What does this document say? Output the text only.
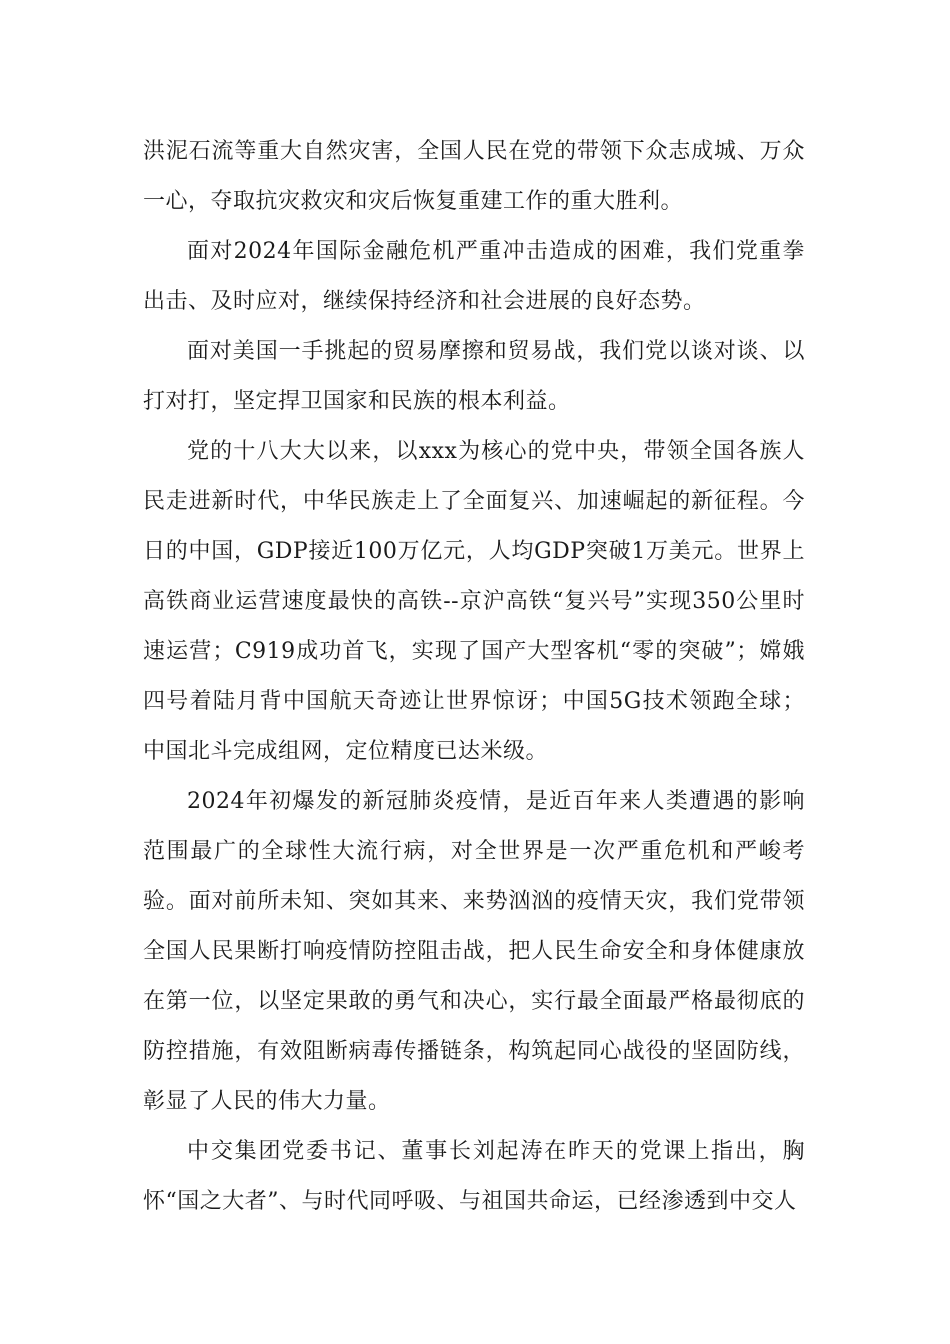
洪泥石流等重大自然灾害，全国人民在党的带领下众志成城、万众一心，夺取抗灾救灾和灾后恢复重建工作的重大胜利。

面对2024年国际金融危机严重冲击造成的困难，我们党重拳出击、及时应对，继续保持经济和社会进展的良好态势。

面对美国一手挑起的贸易摩擦和贸易战，我们党以谈对谈、以打对打，坚定捍卫国家和民族的根本利益。

党的十八大大以来，以xxx为核心的党中央，带领全国各族人民走进新时代，中华民族走上了全面复兴、加速崛起的新征程。今日的中国，GDP接近100万亿元，人均GDP突破1万美元。世界上高铁商业运营速度最快的高铁--京沪高铁“复兴号”实现350公里时速运营；C919成功首飞，实现了国产大型客机“零的突破”；嫦娥四号着陆月背中国航天奇迹让世界惊讶；中国5G技术领跑全球；中国北斗完成组网，定位精度已达米级。

2024年初爆发的新冠肺炎疫情，是近百年来人类遭遇的影响范围最广的全球性大流行病，对全世界是一次严重危机和严峻考验。面对前所未知、突如其来、来势汹汹的疫情天灾，我们党带领全国人民果断打响疫情防控阻击战，把人民生命安全和身体健康放在第一位，以坚定果敢的勇气和决心，实行最全面最严格最彻底的防控措施，有效阻断病毒传播链条，构筑起同心战役的坚固防线，彰显了人民的伟大力量。

中交集团党委书记、董事长刘起涛在昨天的党课上指出，胸怀“国之大者”、与时代同呼吸、与祖国共命运，已经渗透到中交人
